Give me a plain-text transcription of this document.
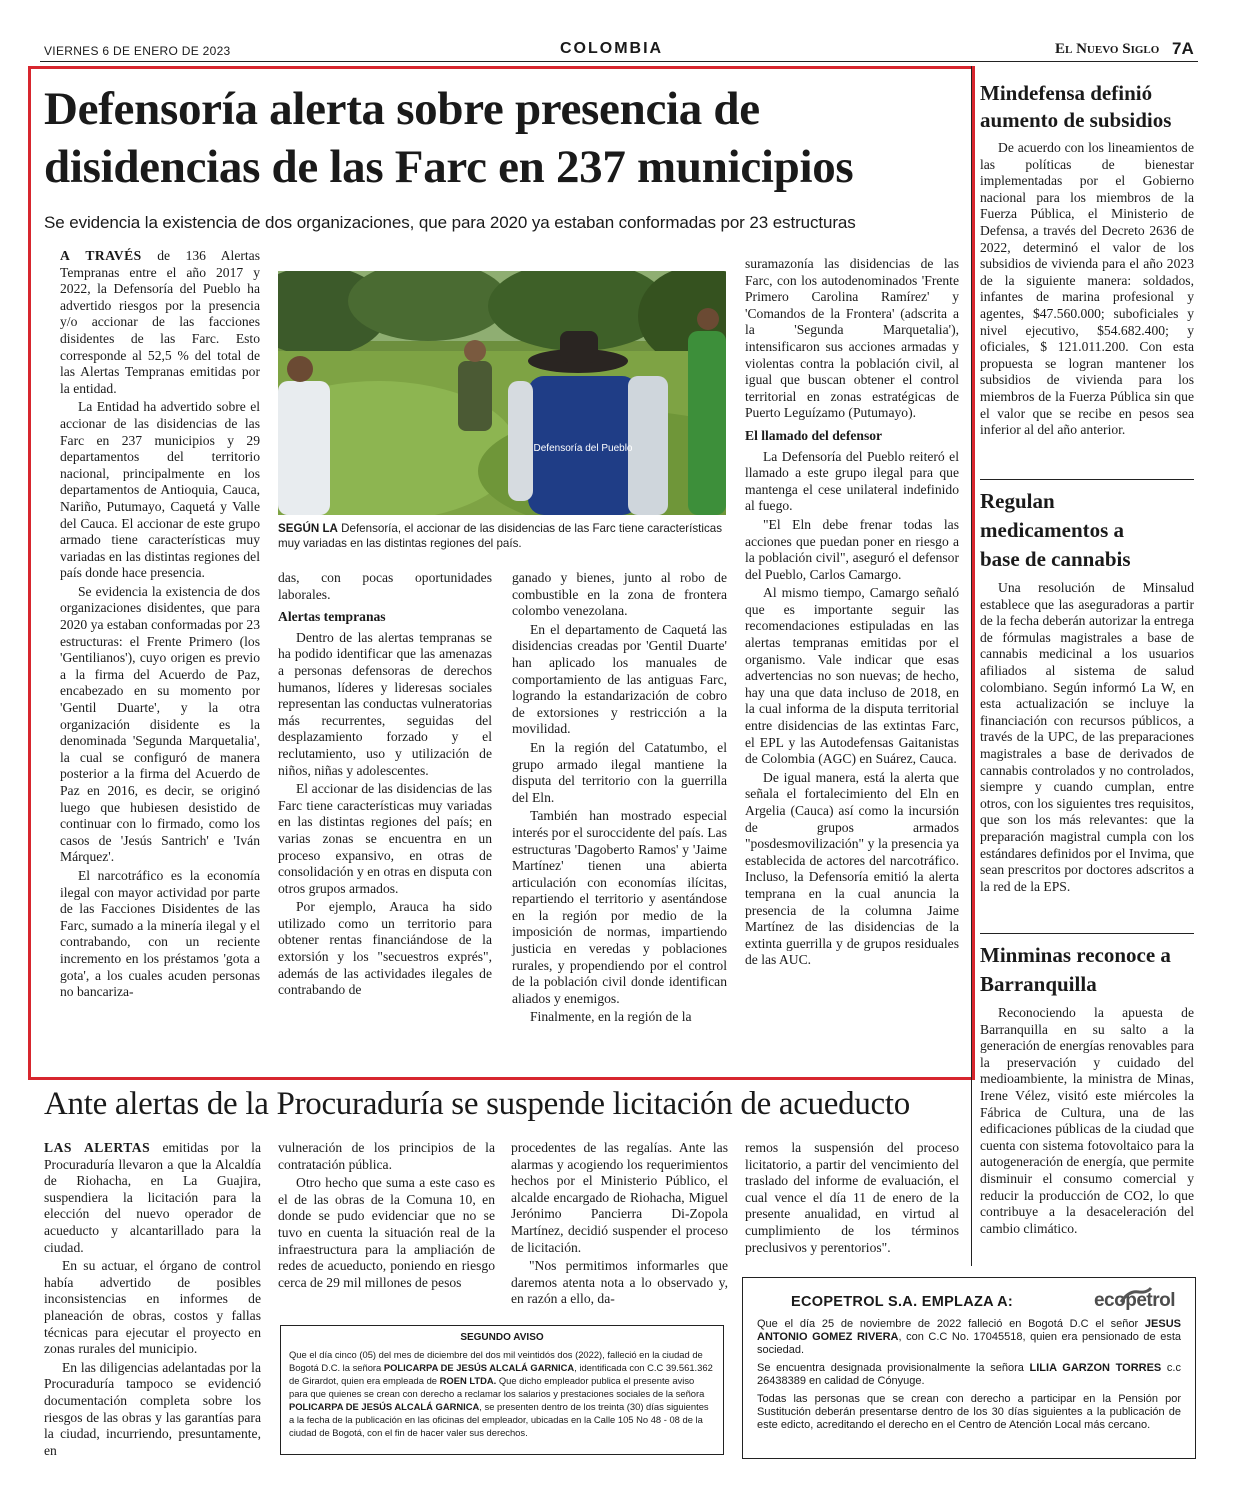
VIERNES 6 DE ENERO DE 2023	COLOMBIA	El Nuevo Siglo 7A
Defensoría alerta sobre presencia de disidencias de las Farc en 237 municipios
Se evidencia la existencia de dos organizaciones, que para 2020 ya estaban conformadas por 23 estructuras

A TRAVÉS de 136 Alertas Tempranas entre el año 2017 y 2022, la Defensoría del Pueblo ha advertido riesgos por la presencia y/o accionar de las facciones disidentes de las Farc. Esto corresponde al 52,5 % del total de las Alertas Tempranas emitidas por la entidad.

La Entidad ha advertido sobre el accionar de las disidencias de las Farc en 237 municipios y 29 departamentos del territorio nacional, principalmente en los departamentos de Antioquia, Cauca, Nariño, Putumayo, Caquetá y Valle del Cauca. El accionar de este grupo armado tiene características muy variadas en las distintas regiones del país donde hace presencia.

Se evidencia la existencia de dos organizaciones disidentes, que para 2020 ya estaban conformadas por 23 estructuras: el Frente Primero (los 'Gentilianos'), cuyo origen es previo a la firma del Acuerdo de Paz, encabezado en su momento por 'Gentil Duarte', y la otra organización disidente es la denominada 'Segunda Marquetalia', la cual se configuró de manera posterior a la firma del Acuerdo de Paz en 2016, es decir, se originó luego que hubiesen desistido de continuar con lo firmado, como los casos de 'Jesús Santrich' e 'Iván Márquez'.

El narcotráfico es la economía ilegal con mayor actividad por parte de las Facciones Disidentes de las Farc, sumado a la minería ilegal y el contrabando, con un reciente incremento en los préstamos 'gota a gota', a los cuales acuden personas no bancariza-

Defensoría del Pueblo
SEGÚN LA Defensoría, el accionar de las disidencias de las Farc tiene características muy variadas en las distintas regiones del país.

das, con pocas oportunidades laborales.

Alertas tempranas

Dentro de las alertas tempranas se ha podido identificar que las amenazas a personas defensoras de derechos humanos, líderes y lideresas sociales representan las conductas vulneratorias más recurrentes, seguidas del desplazamiento forzado y el reclutamiento, uso y utilización de niños, niñas y adolescentes.

El accionar de las disidencias de las Farc tiene características muy variadas en las distintas regiones del país; en varias zonas se encuentra en un proceso expansivo, en otras de consolidación y en otras en disputa con otros grupos armados.

Por ejemplo, Arauca ha sido utilizado como un territorio para obtener rentas financiándose de la extorsión y los "secuestros exprés", además de las actividades ilegales de contrabando de

ganado y bienes, junto al robo de combustible en la zona de frontera colombo venezolana.

En el departamento de Caquetá las disidencias creadas por 'Gentil Duarte' han aplicado los manuales de comportamiento de las antiguas Farc, logrando la estandarización de cobro de extorsiones y restricción a la movilidad.

En la región del Catatumbo, el grupo armado ilegal mantiene la disputa del territorio con la guerrilla del Eln.

También han mostrado especial interés por el suroccidente del país. Las estructuras 'Dagoberto Ramos' y 'Jaime Martínez' tienen una abierta articulación con economías ilícitas, repartiendo el territorio y asentándose en la región por medio de la imposición de normas, impartiendo justicia en veredas y poblaciones rurales, y propendiendo por el control de la población civil donde identifican aliados y enemigos.

Finalmente, en la región de la

suramazonía las disidencias de las Farc, con los autodenominados 'Frente Primero Carolina Ramírez' y 'Comandos de la Frontera' (adscrita a la 'Segunda Marquetalia'), intensificaron sus acciones armadas y violentas contra la población civil, al igual que buscan obtener el control territorial en zonas estratégicas de Puerto Leguízamo (Putumayo).

El llamado del defensor

La Defensoría del Pueblo reiteró el llamado a este grupo ilegal para que mantenga el cese unilateral indefinido al fuego.

"El Eln debe frenar todas las acciones que puedan poner en riesgo a la población civil", aseguró el defensor del Pueblo, Carlos Camargo.

Al mismo tiempo, Camargo señaló que es importante seguir las recomendaciones estipuladas en las alertas tempranas emitidas por el organismo. Vale indicar que esas advertencias no son nuevas; de hecho, hay una que data incluso de 2018, en la cual informa de la disputa territorial entre disidencias de las extintas Farc, el EPL y las Autodefensas Gaitanistas de Colombia (AGC) en Suárez, Cauca.

De igual manera, está la alerta que señala el fortalecimiento del Eln en Argelia (Cauca) así como la incursión de grupos armados "posdesmovilización" y la presencia ya establecida de actores del narcotráfico. Incluso, la Defensoría emitió la alerta temprana en la cual anuncia la presencia de la columna Jaime Martínez de las disidencias de la extinta guerrilla y de grupos residuales de las AUC.

Mindefensa definió aumento de subsidios

De acuerdo con los lineamientos de las políticas de bienestar implementadas por el Gobierno nacional para los miembros de la Fuerza Pública, el Ministerio de Defensa, a través del Decreto 2636 de 2022, determinó el valor de los subsidios de vivienda para el año 2023 de la siguiente manera: soldados, infantes de marina profesional y agentes, $47.560.000; suboficiales y nivel ejecutivo, $54.682.400; y oficiales, $ 121.011.200. Con esta propuesta se logran mantener los subsidios de vivienda para los miembros de la Fuerza Pública sin que el valor que se recibe en pesos sea inferior al del año anterior.

Regulan medicamentos a base de cannabis

Una resolución de Minsalud establece que las aseguradoras a partir de la fecha deberán autorizar la entrega de fórmulas magistrales a base de cannabis medicinal a los usuarios afiliados al sistema de salud colombiano. Según informó La W, en esta actualización se incluye la financiación con recursos públicos, a través de la UPC, de las preparaciones magistrales a base de derivados de cannabis controlados y no controlados, siempre y cuando cumplan, entre otros, con los siguientes tres requisitos, que son los más relevantes: que la preparación magistral cumpla con los estándares definidos por el Invima, que sean prescritos por doctores adscritos a la red de la EPS.

Minminas reconoce a Barranquilla

Reconociendo la apuesta de Barranquilla en su salto a la generación de energías renovables para la preservación y cuidado del medioambiente, la ministra de Minas, Irene Vélez, visitó este miércoles la Fábrica de Cultura, una de las edificaciones públicas de la ciudad que cuenta con sistema fotovoltaico para la autogeneración de energía, que permite disminuir el consumo comercial y reducir la producción de CO2, lo que contribuye a la desaceleración del cambio climático.

Ante alertas de la Procuraduría se suspende licitación de acueducto

LAS ALERTAS emitidas por la Procuraduría llevaron a que la Alcaldía de Riohacha, en La Guajira, suspendiera la licitación para la elección del nuevo operador de acueducto y alcantarillado para la ciudad.

En su actuar, el órgano de control había advertido de posibles inconsistencias en informes de planeación de obras, costos y fallas técnicas para ejecutar el proyecto en zonas rurales del municipio.

En las diligencias adelantadas por la Procuraduría tampoco se evidenció documentación completa sobre los riesgos de las obras y las garantías para la ciudad, incurriendo, presuntamente, en

vulneración de los principios de la contratación pública.

Otro hecho que suma a este caso es el de las obras de la Comuna 10, en donde se pudo evidenciar que no se tuvo en cuenta la situación real de la infraestructura para la ampliación de redes de acueducto, poniendo en riesgo cerca de 29 mil millones de pesos

procedentes de las regalías. Ante las alarmas y acogiendo los requerimientos hechos por el Ministerio Público, el alcalde encargado de Riohacha, Miguel Jerónimo Pancierra Di-Zopola Martínez, decidió suspender el proceso de licitación.

"Nos permitimos informarles que daremos atenta nota a lo observado y, en razón a ello, da-

remos la suspensión del proceso licitatorio, a partir del vencimiento del traslado del informe de evaluación, el cual vence el día 11 de enero de la presente anualidad, en virtud al cumplimiento de los términos preclusivos y perentorios".

SEGUNDO AVISO
Que el día cinco (05) del mes de diciembre del dos mil veintidós dos (2022), falleció en la ciudad de Bogotá D.C. la señora POLICARPA DE JESÚS ALCALÁ GARNICA, identificada con C.C 39.561.362 de Girardot, quien era empleada de ROEN LTDA. Que dicho empleador publica el presente aviso para que quienes se crean con derecho a reclamar los salarios y prestaciones sociales de la señora POLICARPA DE JESÚS ALCALÁ GARNICA, se presenten dentro de los treinta (30) días siguientes a la fecha de la publicación en las oficinas del empleador, ubicadas en la Calle 105 No 48 - 08 de la ciudad de Bogotá, con el fin de hacer valer sus derechos.
ECOPETROL S.A. EMPLAZA A:	ecopetrol
Que el día 25 de noviembre de 2022 falleció en Bogotá D.C el señor JESUS ANTONIO GOMEZ RIVERA, con C.C No. 17045518, quien era pensionado de esta sociedad.
Se encuentra designada provisionalmente la señora LILIA GARZON TORRES c.c 26438389 en calidad de Cónyuge.
Todas las personas que se crean con derecho a participar en la Pensión por Sustitución deberán presentarse dentro de los 30 días siguientes a la publicación de este edicto, acreditando el derecho en el Centro de Atención Local más cercano.
